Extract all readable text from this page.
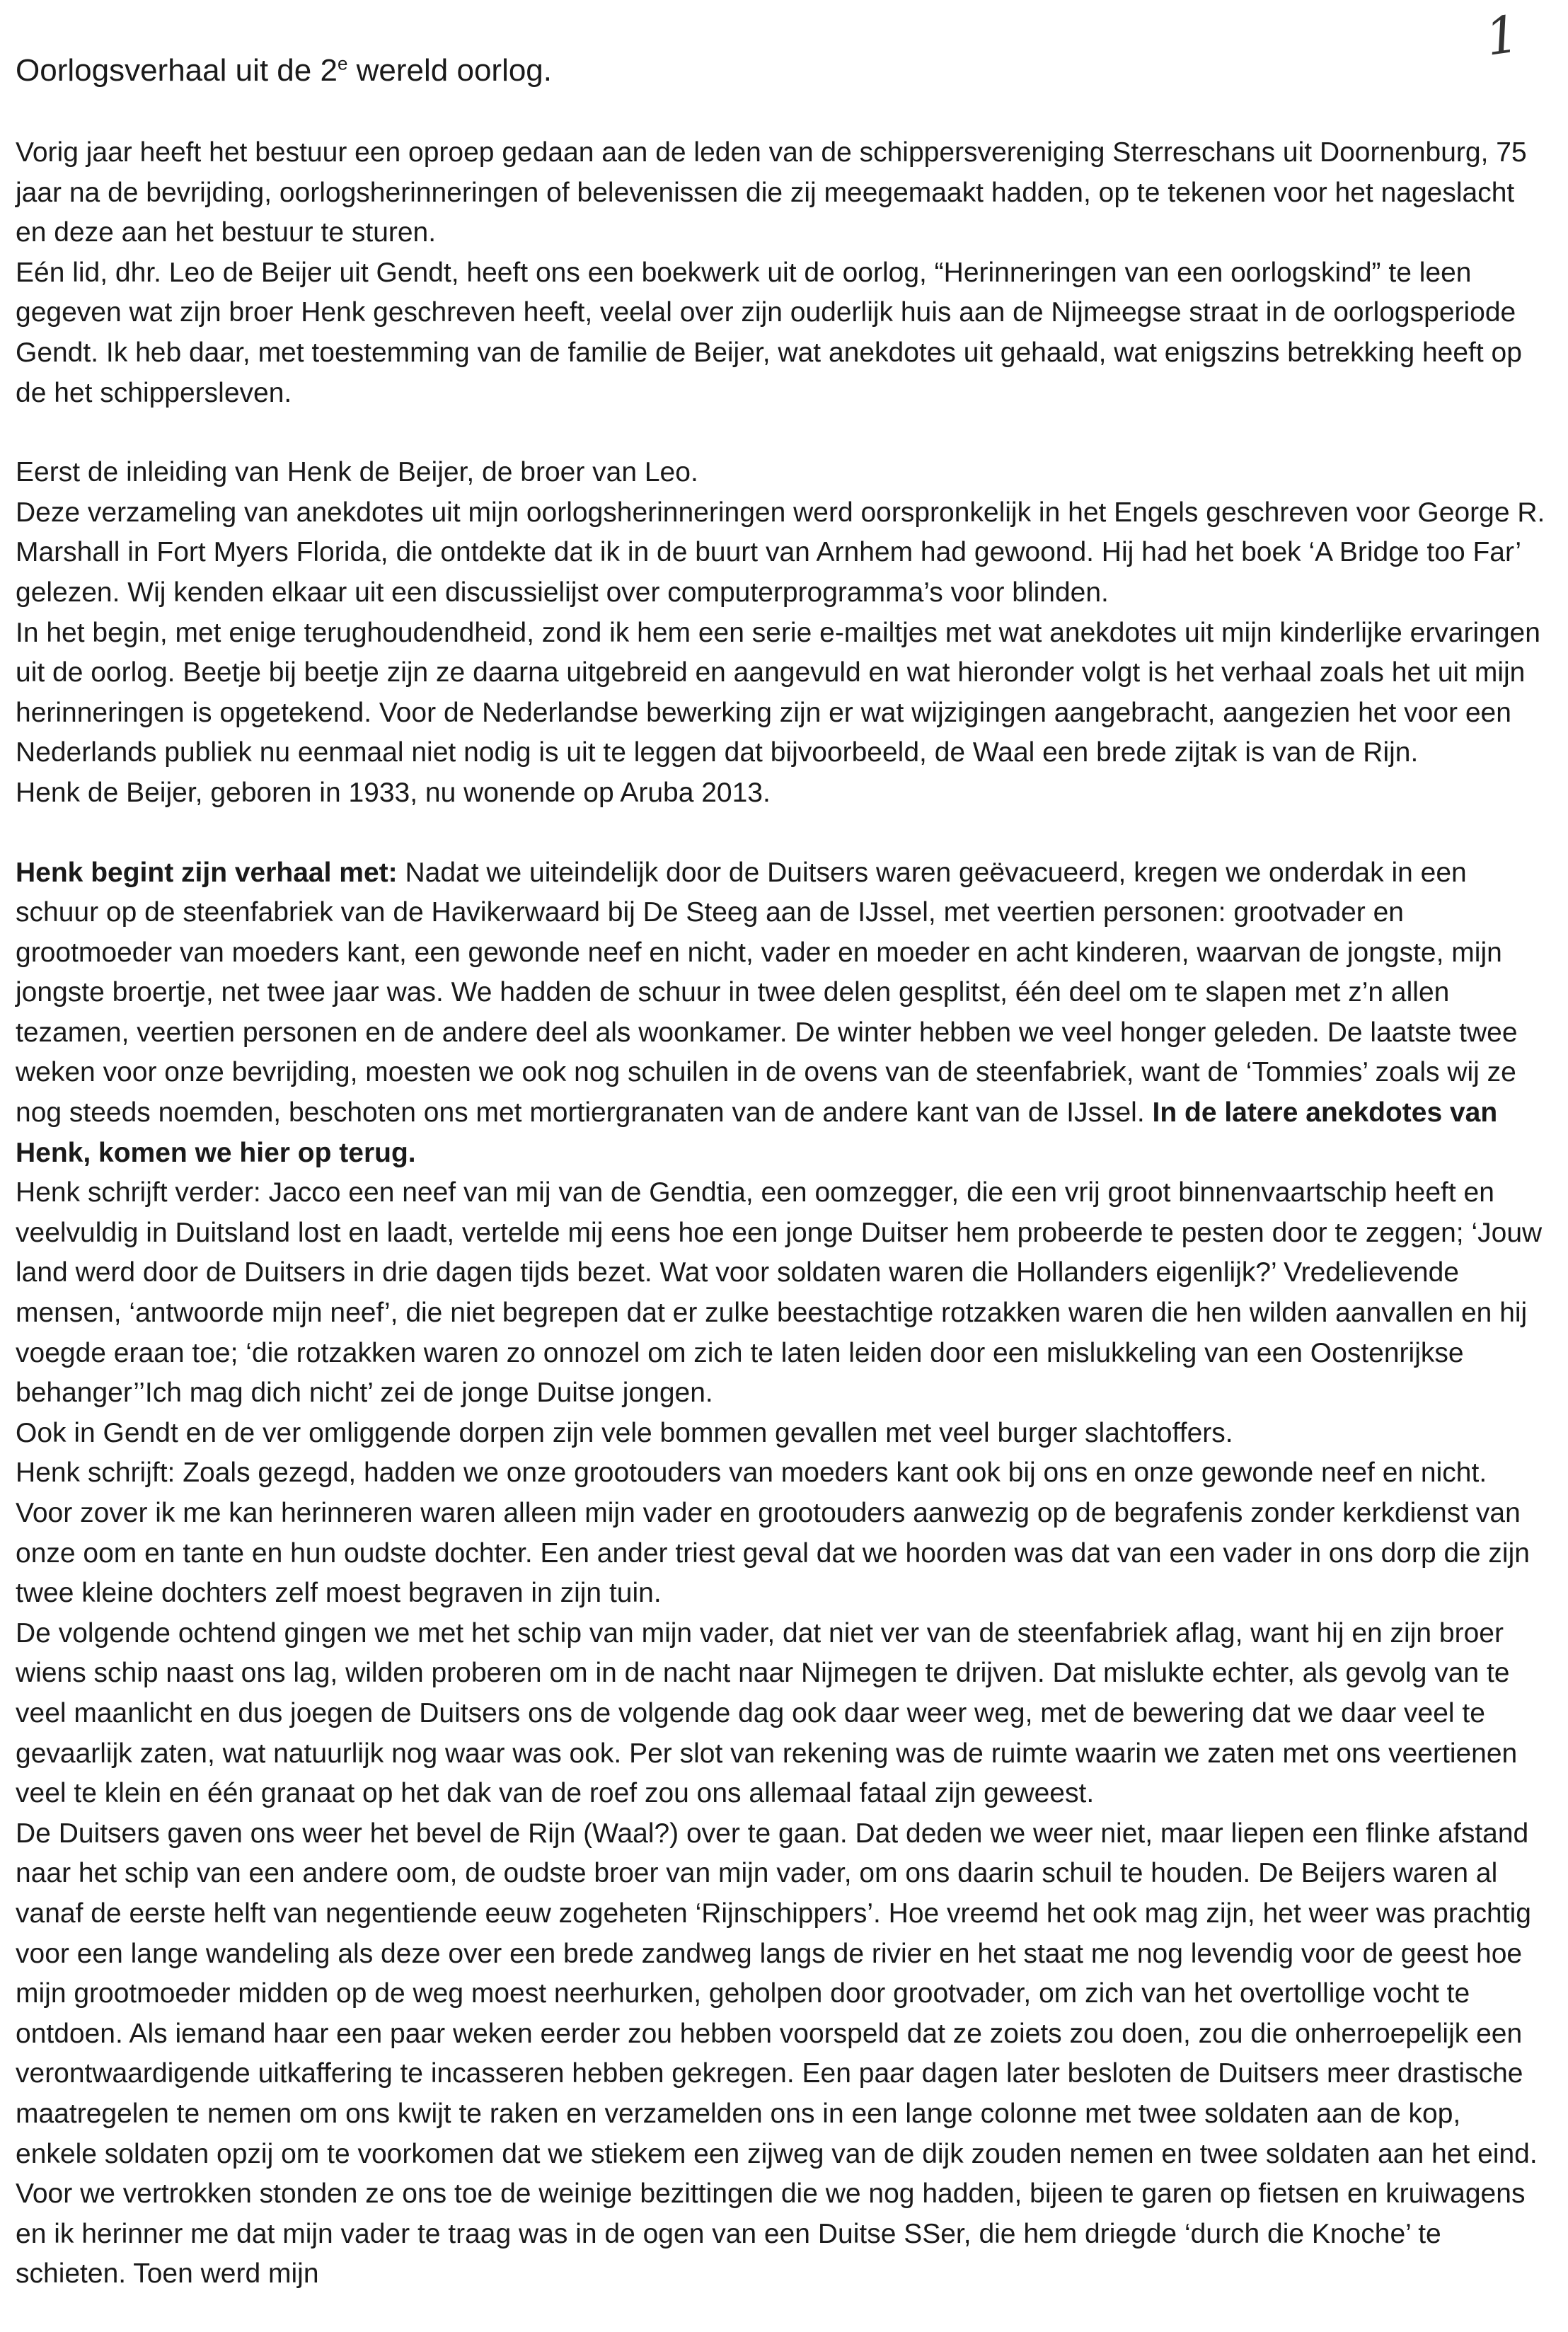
1
Oorlogsverhaal uit de 2e wereld oorlog.

Vorig jaar heeft het bestuur een oproep gedaan aan de leden van de schippersvereniging Sterreschans uit Doornenburg, 75 jaar na de bevrijding, oorlogsherinneringen of belevenissen die zij meegemaakt hadden, op te tekenen voor het nageslacht en deze aan het bestuur te sturen.

Eén lid, dhr. Leo de Beijer uit Gendt, heeft ons een boekwerk uit de oorlog, “Herinneringen van een oorlogskind” te leen gegeven wat zijn broer Henk geschreven heeft, veelal over zijn ouderlijk huis aan de Nijmeegse straat in de oorlogsperiode Gendt. Ik heb daar, met toestemming van de familie de Beijer, wat anekdotes uit gehaald, wat enigszins betrekking heeft op de het schippersleven.

Eerst de inleiding van Henk de Beijer, de broer van Leo.

Deze verzameling van anekdotes uit mijn oorlogsherinneringen werd oorspronkelijk in het Engels geschreven voor George R. Marshall in Fort Myers Florida, die ontdekte dat ik in de buurt van Arnhem had gewoond. Hij had het boek ‘A Bridge too Far’ gelezen. Wij kenden elkaar uit een discussielijst over computerprogramma’s voor blinden.

In het begin, met enige terughoudendheid, zond ik hem een serie e-mailtjes met wat anekdotes uit mijn kinderlijke ervaringen uit de oorlog. Beetje bij beetje zijn ze daarna uitgebreid en aangevuld en wat hieronder volgt is het verhaal zoals het uit mijn herinneringen is opgetekend. Voor de Nederlandse bewerking zijn er wat wijzigingen aangebracht, aangezien het voor een Nederlands publiek nu eenmaal niet nodig is uit te leggen dat bijvoorbeeld, de Waal een brede zijtak is van de Rijn.

Henk de Beijer, geboren in 1933, nu wonende op Aruba 2013.

Henk begint zijn verhaal met: Nadat we uiteindelijk door de Duitsers waren geëvacueerd, kregen we onderdak in een schuur op de steenfabriek van de Havikerwaard bij De Steeg aan de IJssel, met veertien personen: grootvader en grootmoeder van moeders kant, een gewonde neef en nicht, vader en moeder en acht kinderen, waarvan de jongste, mijn jongste broertje, net twee jaar was. We hadden de schuur in twee delen gesplitst, één deel om te slapen met z’n allen tezamen, veertien personen en de andere deel als woonkamer. De winter hebben we veel honger geleden. De laatste twee weken voor onze bevrijding, moesten we ook nog schuilen in de ovens van de steenfabriek, want de ‘Tommies’ zoals wij ze nog steeds noemden, beschoten ons met mortiergranaten van de andere kant van de IJssel. In de latere anekdotes van Henk, komen we hier op terug.

Henk schrijft verder: Jacco een neef van mij van de Gendtia, een oomzegger, die een vrij groot binnenvaartschip heeft en veelvuldig in Duitsland lost en laadt, vertelde mij eens hoe een jonge Duitser hem probeerde te pesten door te zeggen; ‘Jouw land werd door de Duitsers in drie dagen tijds bezet. Wat voor soldaten waren die Hollanders eigenlijk?’ Vredelievende mensen, ‘antwoorde mijn neef’, die niet begrepen dat er zulke beestachtige rotzakken waren die hen wilden aanvallen en hij voegde eraan toe; ‘die rotzakken waren zo onnozel om zich te laten leiden door een mislukkeling van een Oostenrijkse behanger’’Ich mag dich nicht’ zei de jonge Duitse jongen.

Ook in Gendt en de ver omliggende dorpen zijn vele bommen gevallen met veel burger slachtoffers.

Henk schrijft: Zoals gezegd, hadden we onze grootouders van moeders kant ook bij ons en onze gewonde neef en nicht. Voor zover ik me kan herinneren waren alleen mijn vader en grootouders aanwezig op de begrafenis zonder kerkdienst van onze oom en tante en hun oudste dochter. Een ander triest geval dat we hoorden was dat van een vader in ons dorp die zijn twee kleine dochters zelf moest begraven in zijn tuin.

De volgende ochtend gingen we met het schip van mijn vader, dat niet ver van de steenfabriek aflag, want hij en zijn broer wiens schip naast ons lag, wilden proberen om in de nacht naar Nijmegen te drijven. Dat mislukte echter, als gevolg van te veel maanlicht en dus joegen de Duitsers ons de volgende dag ook daar weer weg, met de bewering dat we daar veel te gevaarlijk zaten, wat natuurlijk nog waar was ook. Per slot van rekening was de ruimte waarin we zaten met ons veertienen veel te klein en één granaat op het dak van de roef zou ons allemaal fataal zijn geweest.

De Duitsers gaven ons weer het bevel de Rijn (Waal?) over te gaan. Dat deden we weer niet, maar liepen een flinke afstand naar het schip van een andere oom, de oudste broer van mijn vader, om ons daarin schuil te houden. De Beijers waren al vanaf de eerste helft van negentiende eeuw zogeheten ‘Rijnschippers’. Hoe vreemd het ook mag zijn, het weer was prachtig voor een lange wandeling als deze over een brede zandweg langs de rivier en het staat me nog levendig voor de geest hoe mijn grootmoeder midden op de weg moest neerhurken, geholpen door grootvader, om zich van het overtollige vocht te ontdoen. Als iemand haar een paar weken eerder zou hebben voorspeld dat ze zoiets zou doen, zou die onherroepelijk een verontwaardigende uitkaffering te incasseren hebben gekregen. Een paar dagen later besloten de Duitsers meer drastische maatregelen te nemen om ons kwijt te raken en verzamelden ons in een lange colonne met twee soldaten aan de kop, enkele soldaten opzij om te voorkomen dat we stiekem een zijweg van de dijk zouden nemen en twee soldaten aan het eind. Voor we vertrokken stonden ze ons toe de weinige bezittingen die we nog hadden, bijeen te garen op fietsen en kruiwagens en ik herinner me dat mijn vader te traag was in de ogen van een Duitse SSer, die hem driegde ‘durch die Knoche’ te schieten. Toen werd mijn
